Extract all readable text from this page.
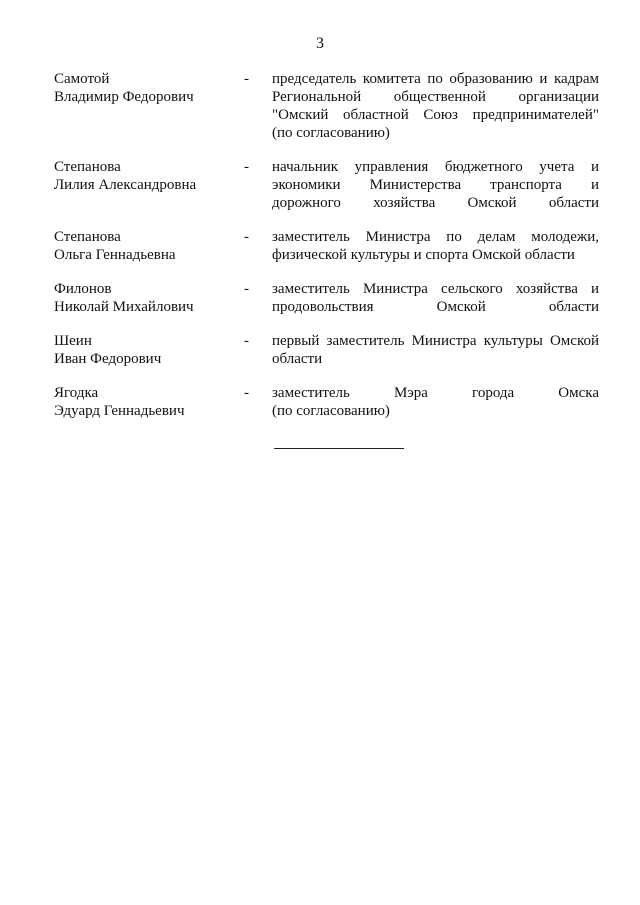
3
Самотой
Владимир Федорович
-	председатель комитета по образованию и кадрам
Региональной общественной организации
"Омский областной Союз предпринимателей"
(по согласованию)
Степанова
Лилия Александровна
-	начальник управления бюджетного учета и
экономики Министерства транспорта и
дорожного хозяйства Омской области
Степанова
Ольга Геннадьевна
-	заместитель Министра по делам молодежи,
физической культуры и спорта Омской области
Филонов
Николай Михайлович
-	заместитель Министра сельского хозяйства и
продовольствия Омской области
Шеин
Иван Федорович
-	первый заместитель Министра культуры Омской
области
Ягодка
Эдуард Геннадьевич
-	заместитель Мэра города Омска
(по согласованию)
